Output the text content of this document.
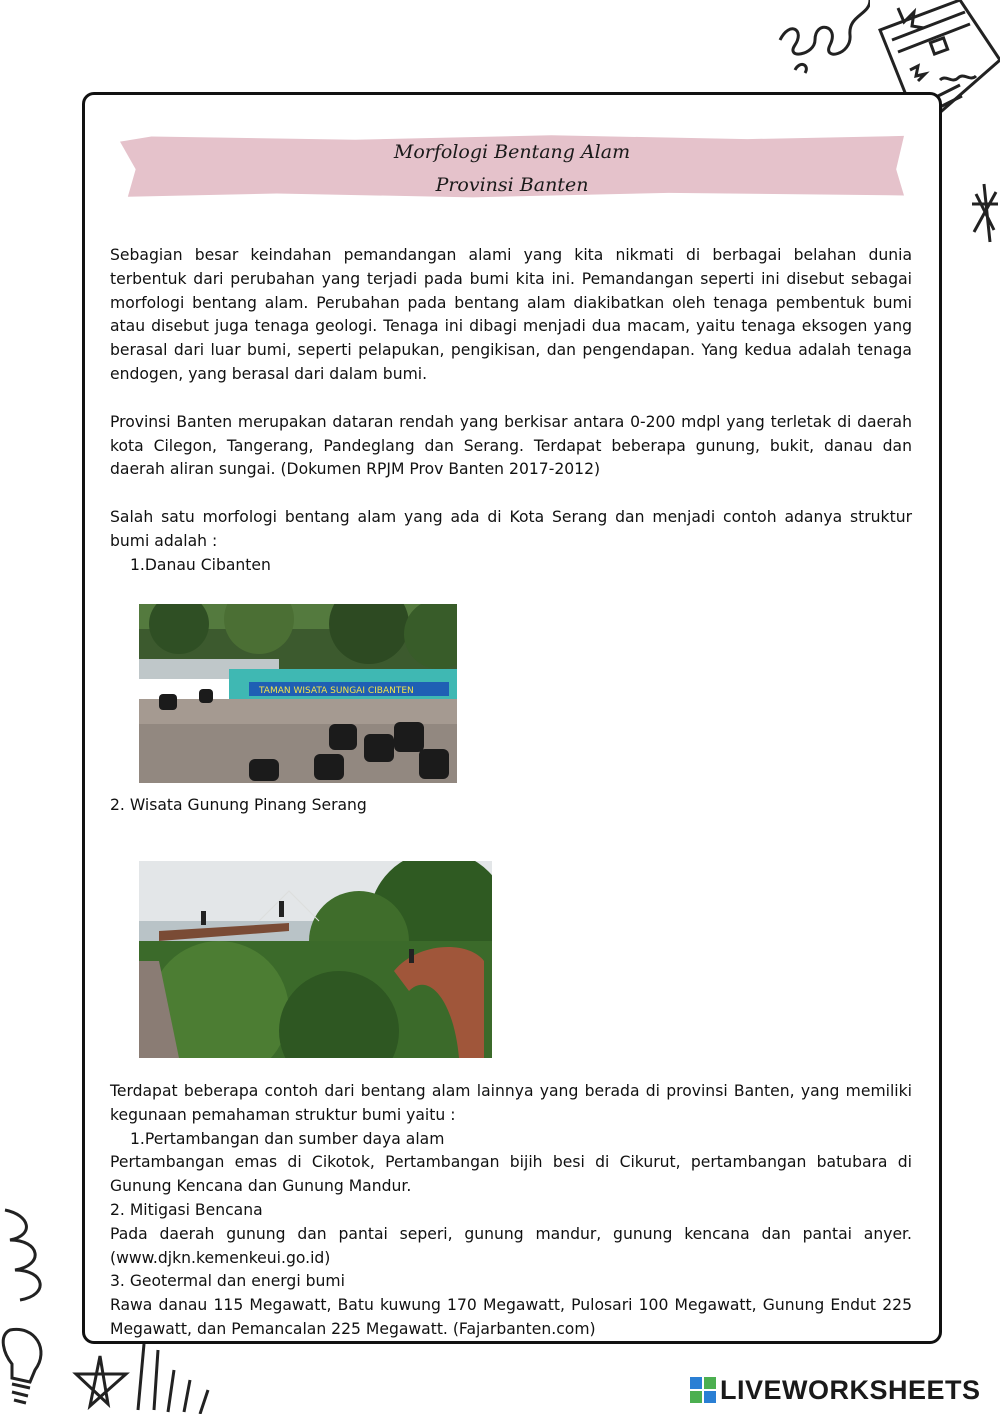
Morfologi Bentang Alam
Provinsi Banten

Sebagian besar keindahan pemandangan alami yang kita nikmati di berbagai belahan dunia terbentuk dari perubahan yang terjadi pada bumi kita ini. Pemandangan seperti ini disebut sebagai morfologi bentang alam. Perubahan pada bentang alam diakibatkan oleh tenaga pembentuk bumi atau disebut juga tenaga geologi. Tenaga ini dibagi menjadi dua macam, yaitu tenaga eksogen yang berasal dari luar bumi, seperti pelapukan, pengikisan, dan pengendapan. Yang kedua adalah tenaga endogen, yang berasal dari dalam bumi.

Provinsi Banten merupakan dataran rendah yang berkisar antara 0-200 mdpl yang terletak di daerah kota Cilegon, Tangerang, Pandeglang dan Serang. Terdapat beberapa gunung, bukit, danau dan daerah aliran sungai. (Dokumen RPJM Prov Banten 2017-2012)

Salah satu morfologi bentang alam yang ada di Kota Serang dan menjadi contoh adanya struktur bumi adalah :

1.Danau Cibanten

TAMAN WISATA SUNGAI CIBANTEN
2. Wisata Gunung Pinang Serang

Terdapat beberapa contoh dari bentang alam lainnya yang berada di provinsi Banten, yang memiliki kegunaan pemahaman struktur bumi yaitu :

1.Pertambangan dan sumber daya alam

Pertambangan emas di Cikotok, Pertambangan bijih besi di Cikurut, pertambangan batubara di Gunung Kencana dan Gunung Mandur.

2. Mitigasi Bencana

Pada daerah gunung dan pantai seperi, gunung mandur, gunung kencana dan pantai anyer. (www.djkn.kemenkeui.go.id)

3. Geotermal dan energi bumi

Rawa danau 115 Megawatt, Batu kuwung 170 Megawatt, Pulosari 100 Megawatt, Gunung Endut 225 Megawatt, dan Pemancalan 225 Megawatt. (Fajarbanten.com)

LIVEWORKSHEETS
